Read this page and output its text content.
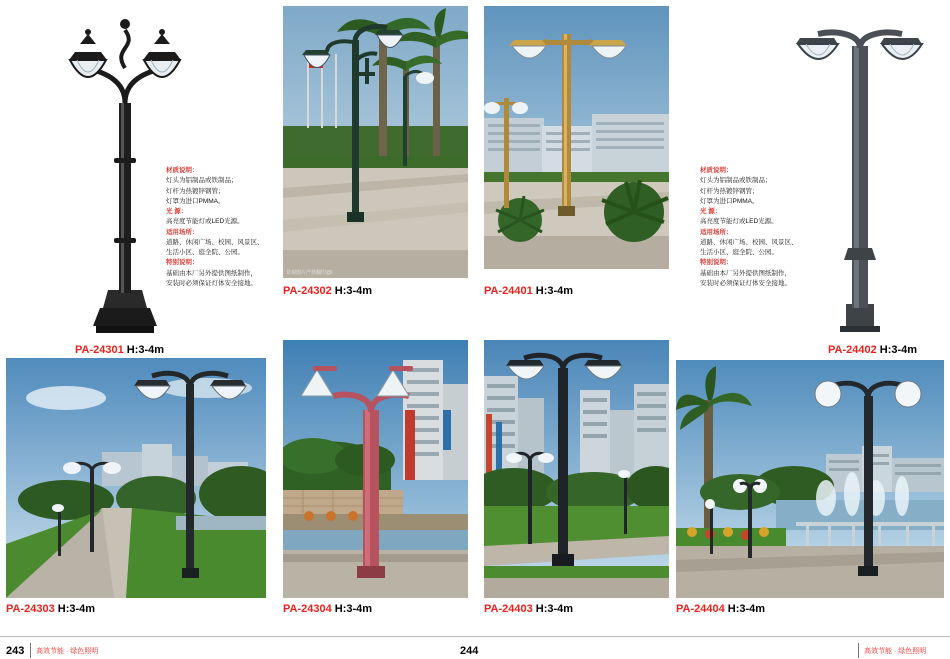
PA-24301 H:3-4m

材质说明：

灯头为铝制品或铁制品；

灯杆为热镀锌钢管；

灯罩为进口PMMA。

光 源：

高亮度节能灯或LED光源。

适用场所：

道路、休闲广场、校园、风景区、

生活小区、庭全院、公园。

特别说明：

基础由本厂另外提供图纸制作，

安装时必须保证灯体安全接地。

景观图片严禁翻印@I
PA-24302 H:3-4m	PA-24401 H:3-4m

材质说明：

灯头为铝制品或铁制品；

灯杆为热镀锌钢管；

灯罩为进口PMMA。

光 源：

高亮度节能灯或LED光源。

适用场所：

道路、休闲广场、校园、风景区、

生活小区、庭全院、公园。

特别说明：

基础由本厂另外提供图纸制作，

安装时必须保证灯体安全接地。

PA-24402 H:3-4m
PA-24303 H:3-4m	PA-24304 H:3-4m	PA-24403 H:3-4m	PA-24404 H:3-4m
243 高效节能 · 绿色照明	244	高效节能 · 绿色照明
